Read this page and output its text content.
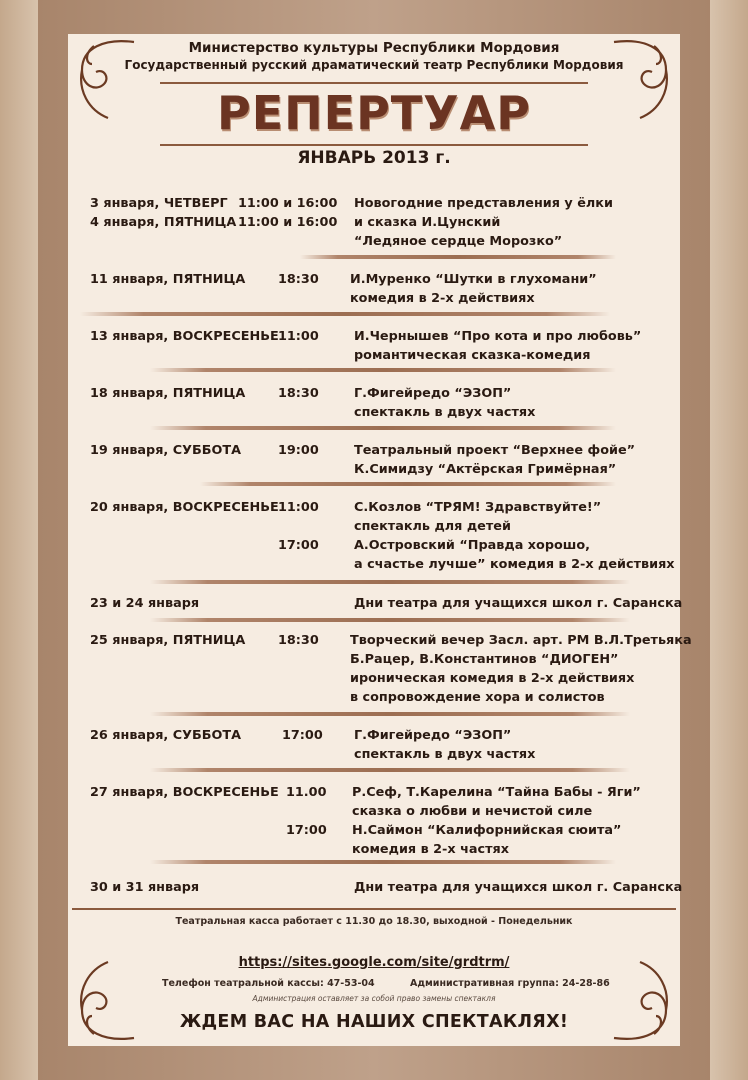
Министерство культуры Республики Мордовия
Государственный русский драматический театр Республики Мордовия
РЕПЕРТУАР
ЯНВАРЬ 2013 г.
3 января, ЧЕТВЕРГ 11:00 и 16:00 Новогодние представления у ёлки
4 января, ПЯТНИЦА 11:00 и 16:00 и сказка И.Цунский
“Ледяное сердце Морозко”
11 января, ПЯТНИЦА	18:30 И.Муренко “Шутки в глухомани”
комедия в 2-х действиях
13 января, ВОСКРЕСЕНЬЕ 11:00	И.Чернышев “Про кота и про любовь”
романтическая сказка-комедия
18 января, ПЯТНИЦА	18:30	Г.Фигейредо “ЭЗОП”
спектакль в двух частях
19 января, СУББОТА	19:00	Театральный проект “Верхнее фойе”
К.Симидзу “Актёрская Гримёрная”
20 января, ВОСКРЕСЕНЬЕ 11:00	С.Козлов “ТРЯМ! Здравствуйте!”
спектакль для детей
17:00	А.Островский “Правда хорошо,
а счастье лучше” комедия в 2-х действиях
23 и 24 января	Дни театра для учащихся школ г. Саранска
25 января, ПЯТНИЦА	18:30 Творческий вечер Засл. арт. РМ В.Л.Третьяка
Б.Рацер, В.Константинов “ДИОГЕН”
ироническая комедия в 2-х действиях
в сопровождение хора и солистов
26 января, СУББОТА	17:00 Г.Фигейредо “ЭЗОП”
спектакль в двух частях
27 января, ВОСКРЕСЕНЬЕ 11.00 Р.Сеф, Т.Карелина “Тайна Бабы - Яги”
сказка о любви и нечистой силе
17:00 Н.Саймон “Калифорнийская сюита”
комедия в 2-х частях
30 и 31 января	Дни театра для учащихся школ г. Саранска
Театральная касса работает с 11.30 до 18.30, выходной - Понедельник
https://sites.google.com/site/grdtrm/
Телефон театральной кассы: 47-53-04	Административная группа: 24-28-86
Администрация оставляет за собой право замены спектакля
ЖДЕМ ВАС НА НАШИХ СПЕКТАКЛЯХ!
